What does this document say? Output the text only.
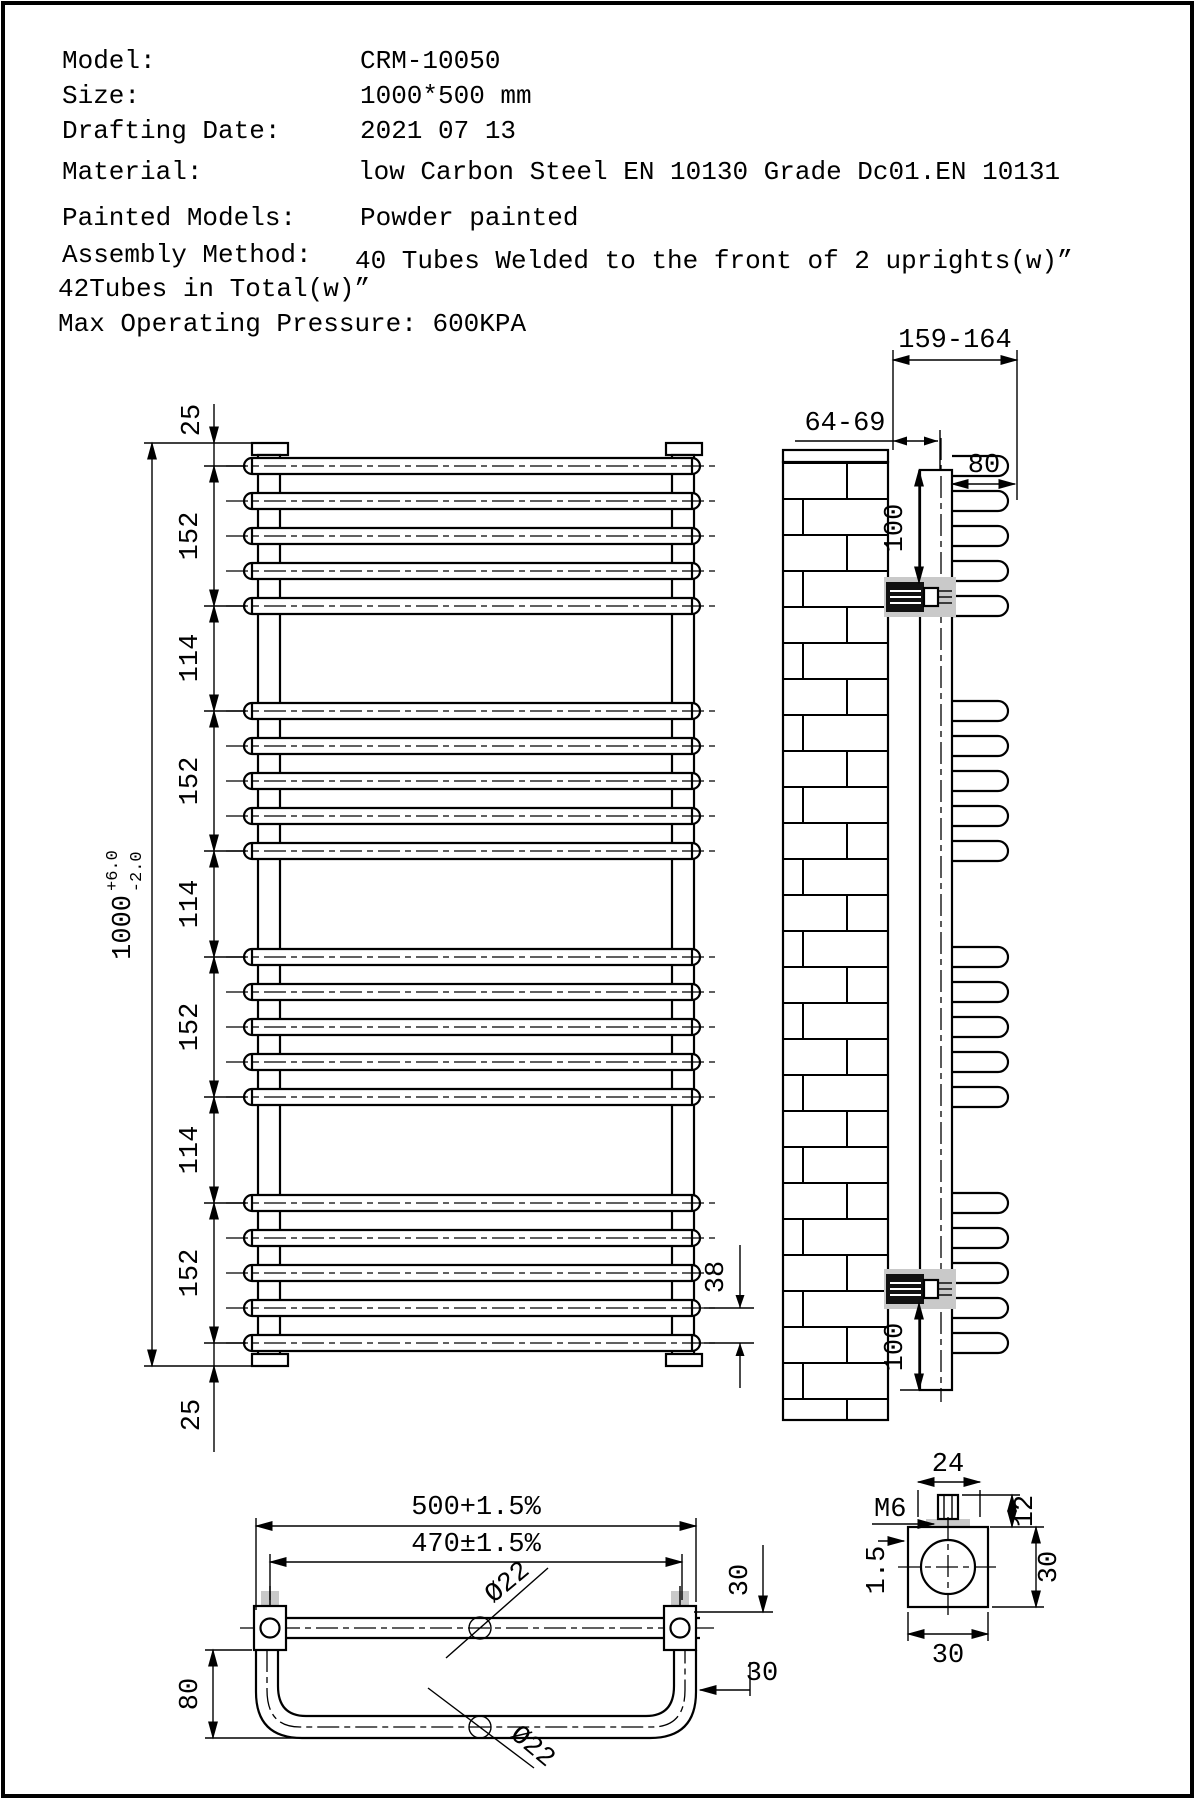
Model:	CRM-10050
Size:	1000*500 mm
Drafting Date:	2021 07 13
Material:	low Carbon Steel EN 10130 Grade Dc01.EN 10131
Painted Models: Powder painted
Assembly Method: 40 Tubes Welded to the front of 2 uprights(w)”
42Tubes in Total(w)”
Max Operating Pressure: 600KPA
25
152
114
152
114
152
114
152
25
1000+6.0 -2.0
38
159-164
64-69
80
100
100
500+1.5%
470±1.5%
80
30
30
Ø22
Ø22
24
12
M6
1.5
30
30
